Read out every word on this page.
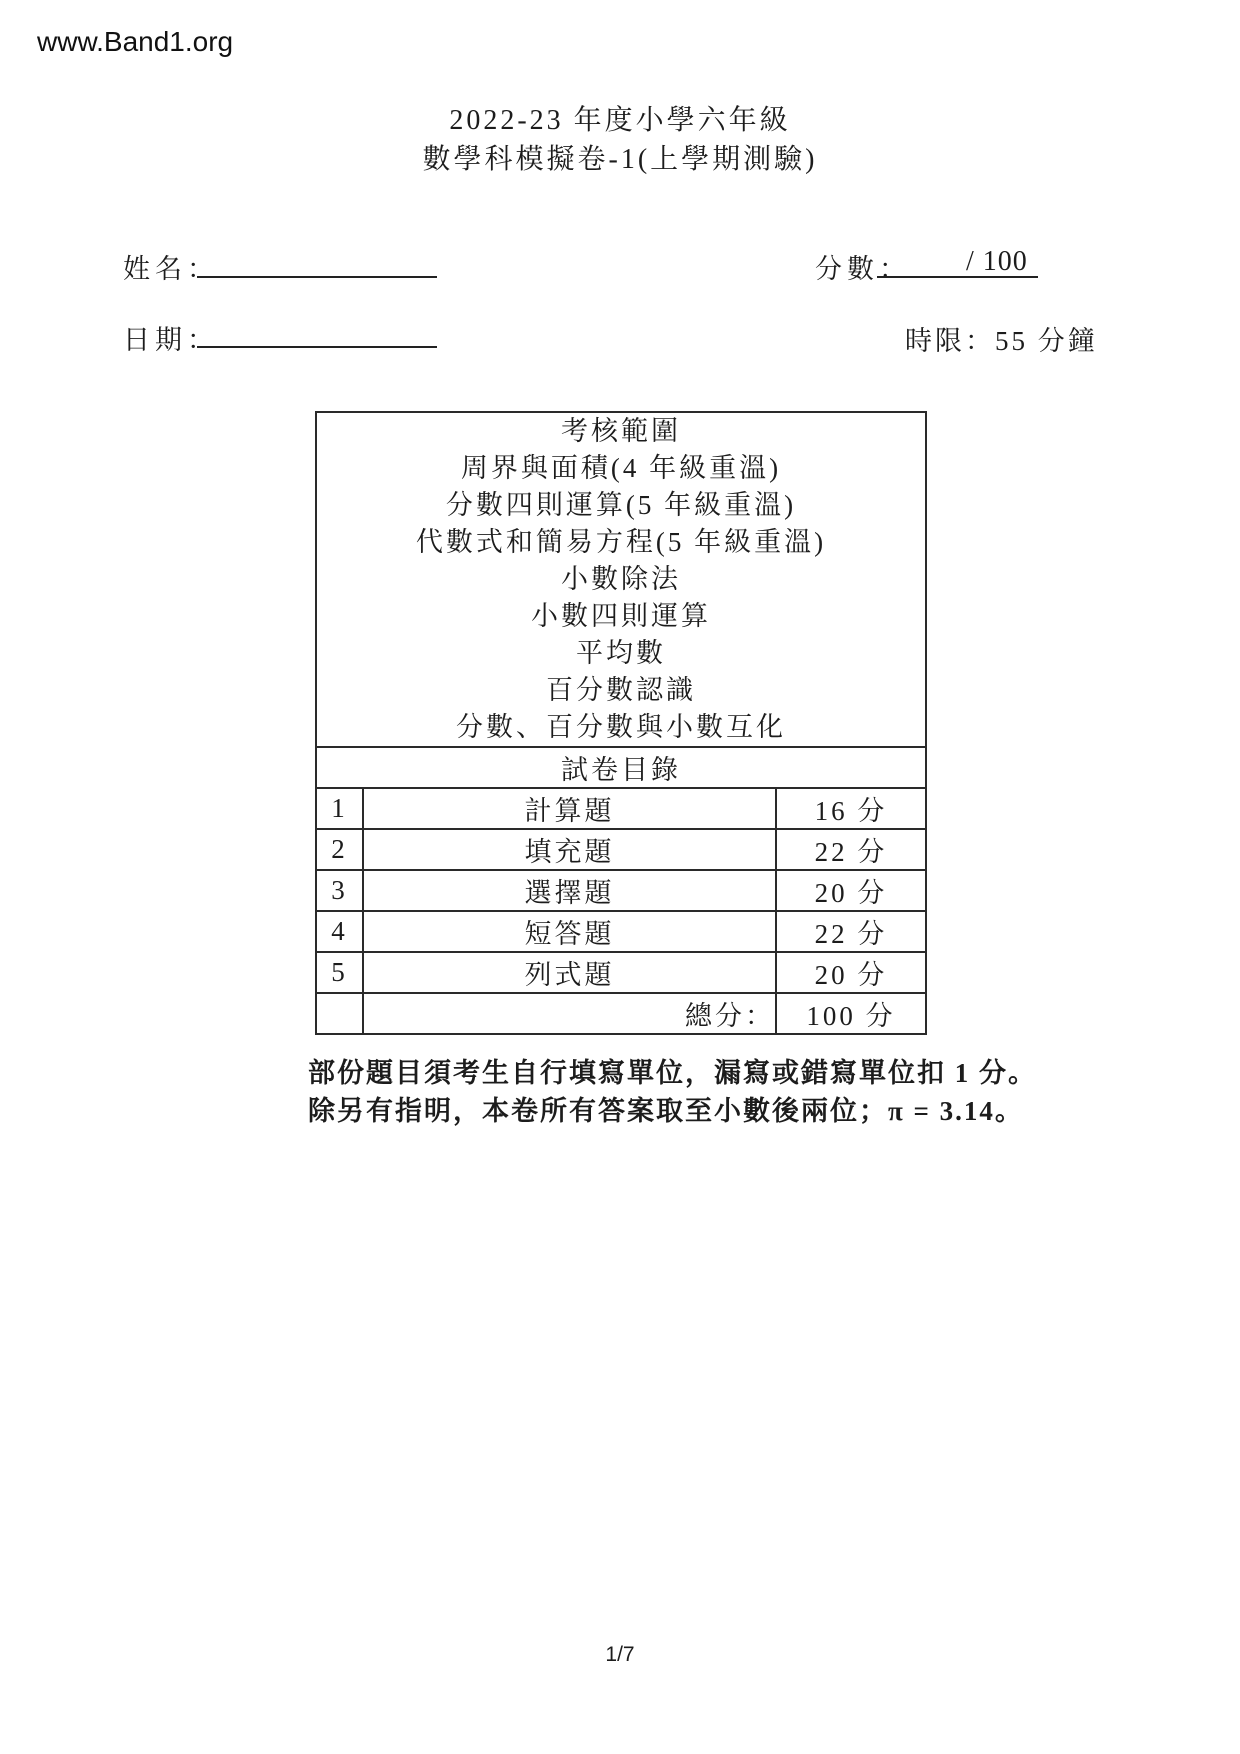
www.Band1.org
2022-23 年度小學六年級
數學科模擬卷-1(上學期測驗)
姓名：	分數： / 100
日期：	時限：55 分鐘
考核範圍
周界與面積(4 年級重溫)
分數四則運算(5 年級重溫)
代數式和簡易方程(5 年級重溫)
小數除法
小數四則運算
平均數
百分數認識
分數、百分數與小數互化

試卷目錄		
1	計算題	16 分
2	填充題	22 分
3	選擇題	20 分
4	短答題	22 分
5	列式題	20 分
	總分：	100 分
部份題目須考生自行填寫單位，漏寫或錯寫單位扣 1 分。
除另有指明，本卷所有答案取至小數後兩位；π = 3.14。
1/7
